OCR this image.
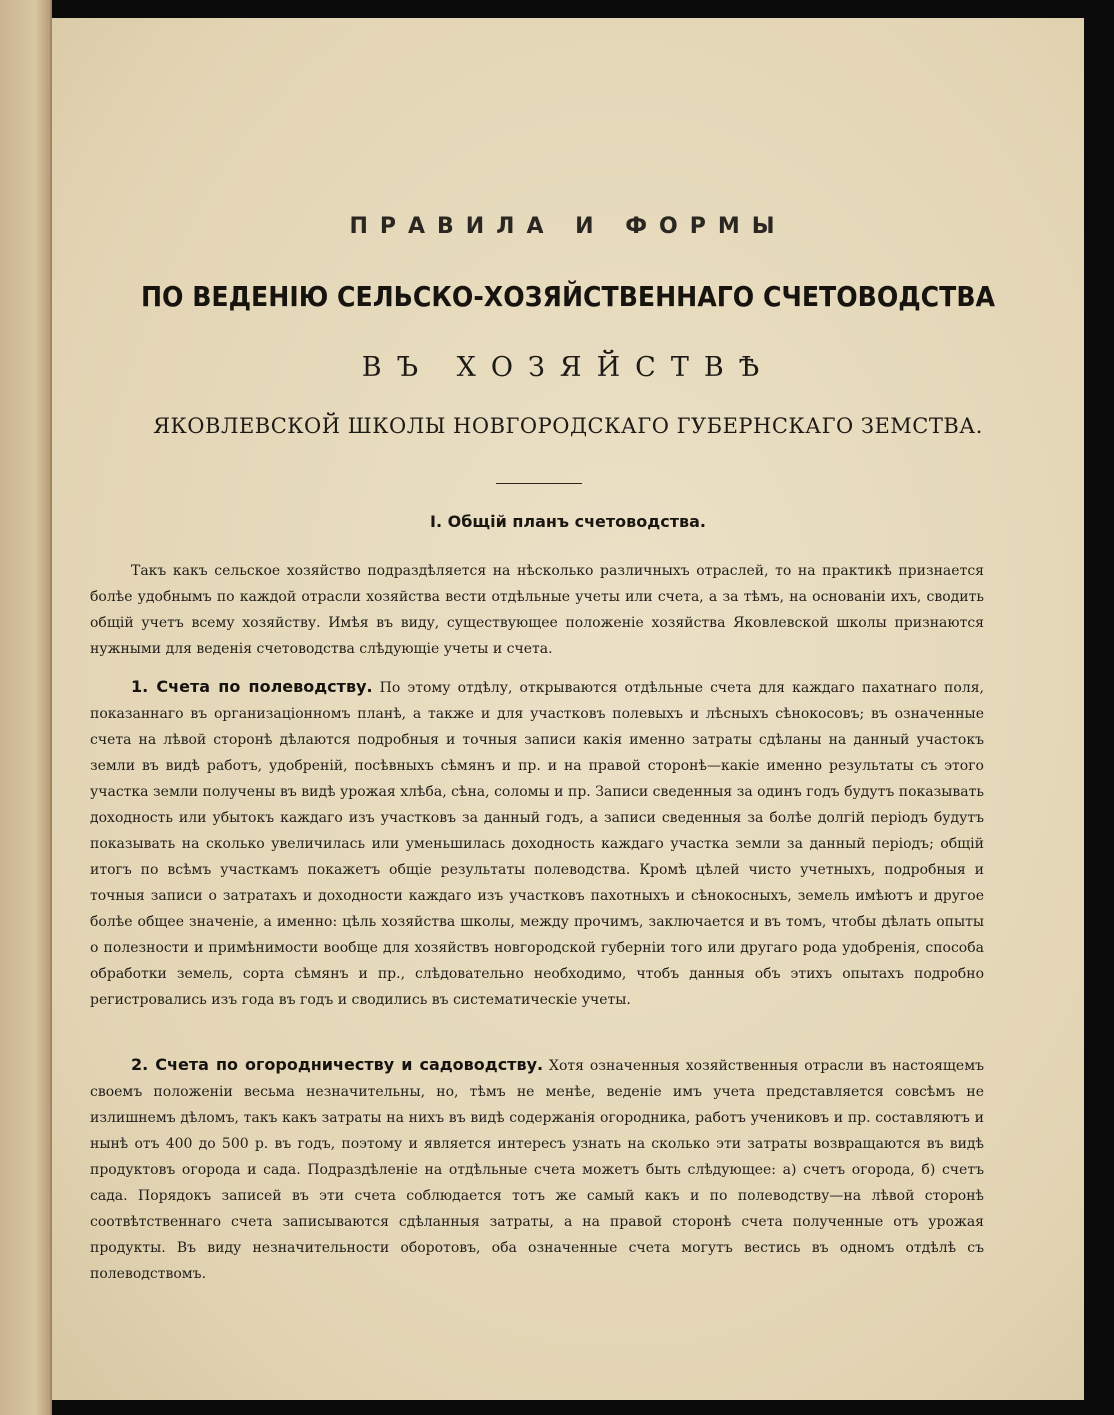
ПРАВИЛА И ФОРМЫ
ПО ВЕДЕНІЮ СЕЛЬСКО-ХОЗЯЙСТВЕННАГО СЧЕТОВОДСТВА
ВЪ ХОЗЯЙСТВѢ
ЯКОВЛЕВСКОЙ ШКОЛЫ НОВГОРОДСКАГО ГУБЕРНСКАГО ЗЕМСТВА.
I. Общій планъ счетоводства.

Такъ какъ сельское хозяйство подраздѣляется на нѣсколько различныхъ отраслей, то на практикѣ признается болѣе удобнымъ по каждой отрасли хозяйства вести отдѣльные учеты или счета, а за тѣмъ, на основаніи ихъ, сводить общій учетъ всему хозяйству. Имѣя въ виду, существующее положеніе хозяйства Яковлевской школы признаются нужными для веденія счетоводства слѣдующіе учеты и счета.

1. Счета по полеводству. По этому отдѣлу, открываются отдѣльные счета для каждаго пахатнаго поля, показаннаго въ организаціонномъ планѣ, а также и для участковъ полевыхъ и лѣсныхъ сѣнокосовъ; въ означенные счета на лѣвой сторонѣ дѣлаются подробныя и точныя записи какія именно затраты сдѣланы на данный участокъ земли въ видѣ работъ, удобреній, посѣвныхъ сѣмянъ и пр. и на правой сторонѣ—какіе именно результаты съ этого участка земли получены въ видѣ урожая хлѣба, сѣна, соломы и пр. Записи сведенныя за одинъ годъ будутъ показывать доходность или убытокъ каждаго изъ участковъ за данный годъ, а записи сведенныя за болѣе долгій періодъ будутъ показывать на сколько увеличилась или уменьшилась доходность каждаго участка земли за данный періодъ; общій итогъ по всѣмъ участкамъ покажетъ общіе результаты полеводства. Кромѣ цѣлей чисто учетныхъ, подробныя и точныя записи о затратахъ и доходности каждаго изъ участковъ пахотныхъ и сѣнокосныхъ, земель имѣютъ и другое болѣе общее значеніе, а именно: цѣль хозяйства школы, между прочимъ, заключается и въ томъ, чтобы дѣлать опыты о полезности и примѣнимости вообще для хозяйствъ новгородской губерніи того или другаго рода удобренія, способа обработки земель, сорта сѣмянъ и пр., слѣдовательно необходимо, чтобъ данныя объ этихъ опытахъ подробно регистровались изъ года въ годъ и сводились въ систематическіе учеты.

2. Счета по огородничеству и садоводству. Хотя означенныя хозяйственныя отрасли въ настоящемъ своемъ положеніи весьма незначительны, но, тѣмъ не менѣе, веденіе имъ учета представляется совсѣмъ не излишнемъ дѣломъ, такъ какъ затраты на нихъ въ видѣ содержанія огородника, работъ учениковъ и пр. составляютъ и нынѣ отъ 400 до 500 р. въ годъ, поэтому и является интересъ узнать на сколько эти затраты возвращаются въ видѣ продуктовъ огорода и сада. Подраздѣленіе на отдѣльные счета можетъ быть слѣдующее: а) счетъ огорода, б) счетъ сада. Порядокъ записей въ эти счета соблюдается тотъ же самый какъ и по полеводству—на лѣвой сторонѣ соотвѣтственнаго счета записываются сдѣланныя затраты, а на правой сторонѣ счета полученные отъ урожая продукты. Въ виду незначительности оборотовъ, оба означенные счета могутъ вестись въ одномъ отдѣлѣ съ полеводствомъ.
